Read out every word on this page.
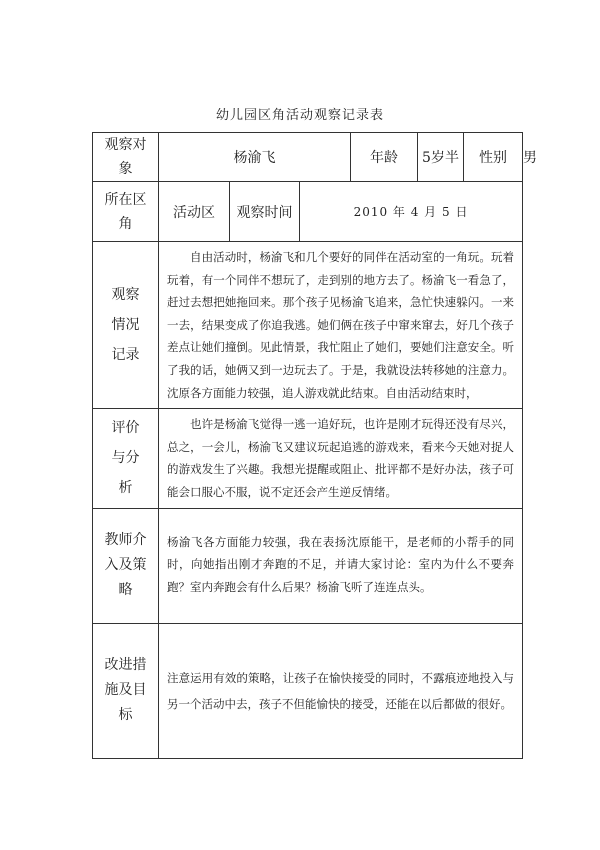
幼儿园区角活动观察记录表
观察对象	杨渝飞			年龄	5岁半	性别	男
所在区角	活动区	观察时间	2010 年 4 月 5 日				
观察情况记录	自由活动时，杨渝飞和几个要好的同伴在活动室的一角玩。玩着玩着，有一个同伴不想玩了，走到别的地方去了。杨渝飞一看急了，赶过去想把她拖回来。那个孩子见杨渝飞追来，急忙快速躲闪。一来一去，结果变成了你追我逃。她们俩在孩子中窜来窜去，好几个孩子差点让她们撞倒。见此情景，我忙阻止了她们，要她们注意安全。听了我的话，她俩又到一边玩去了。于是，我就设法转移她的注意力。沈原各方面能力较强，追人游戏就此结束。自由活动结束时，						

评价与分析	也许是杨渝飞觉得一逃一追好玩，也许是刚才玩得还没有尽兴，总之，一会儿，杨渝飞又建议玩起追逃的游戏来，看来今天她对捉人的游戏发生了兴趣。我想光提醒或阻止、批评都不是好办法，孩子可能会口服心不服，说不定还会产生逆反情绪。						

教师介入及策略	杨渝飞各方面能力较强，我在表扬沈原能干，是老师的小帮手的同时，向她指出刚才奔跑的不足，并请大家讨论：室内为什么不要奔跑？室内奔跑会有什么后果？杨渝飞听了连连点头。						

改进措施及目标	注意运用有效的策略，让孩子在愉快接受的同时，不露痕迹地投入与另一个活动中去，孩子不但能愉快的接受，还能在以后都做的很好。						
